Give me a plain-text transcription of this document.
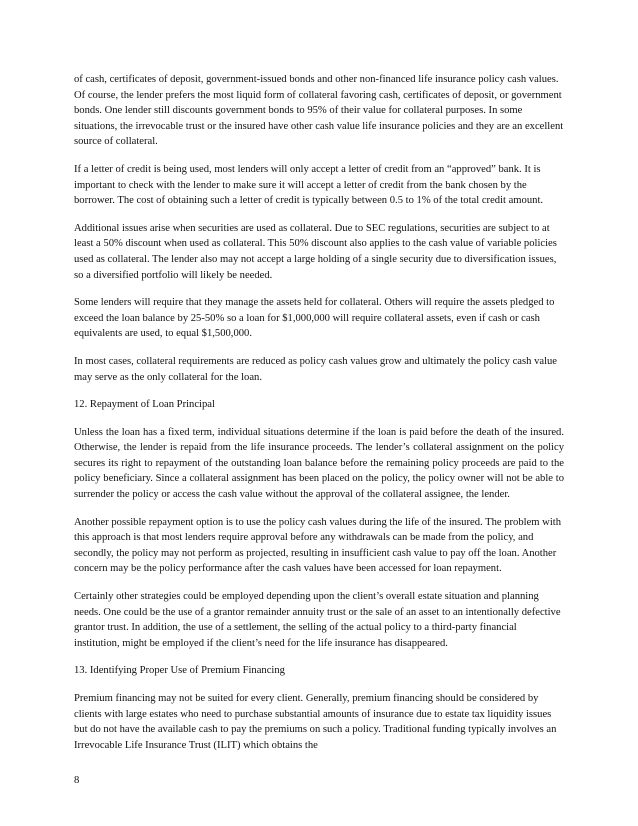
of cash, certificates of deposit, government-issued bonds and other non-financed life insurance policy cash values. Of course, the lender prefers the most liquid form of collateral favoring cash, certificates of deposit, or government bonds. One lender still discounts government bonds to 95% of their value for collateral purposes. In some situations, the irrevocable trust or the insured have other cash value life insurance policies and they are an excellent source of collateral.

If a letter of credit is being used, most lenders will only accept a letter of credit from an “approved” bank. It is important to check with the lender to make sure it will accept a letter of credit from the bank chosen by the borrower. The cost of obtaining such a letter of credit is typically between 0.5 to 1% of the total credit amount.

Additional issues arise when securities are used as collateral. Due to SEC regulations, securities are subject to at least a 50% discount when used as collateral. This 50% discount also applies to the cash value of variable policies used as collateral. The lender also may not accept a large holding of a single security due to diversification issues, so a diversified portfolio will likely be needed.

Some lenders will require that they manage the assets held for collateral. Others will require the assets pledged to exceed the loan balance by 25-50% so a loan for $1,000,000 will require collateral assets, even if cash or cash equivalents are used, to equal $1,500,000.

In most cases, collateral requirements are reduced as policy cash values grow and ultimately the policy cash value may serve as the only collateral for the loan.

12. Repayment of Loan Principal

Unless the loan has a fixed term, individual situations determine if the loan is paid before the death of the insured. Otherwise, the lender is repaid from the life insurance proceeds. The lender’s collateral assignment on the policy secures its right to repayment of the outstanding loan balance before the remaining policy proceeds are paid to the policy beneficiary. Since a collateral assignment has been placed on the policy, the policy owner will not be able to surrender the policy or access the cash value without the approval of the collateral assignee, the lender.

Another possible repayment option is to use the policy cash values during the life of the insured. The problem with this approach is that most lenders require approval before any withdrawals can be made from the policy, and secondly, the policy may not perform as projected, resulting in insufficient cash value to pay off the loan. Another concern may be the policy performance after the cash values have been accessed for loan repayment.

Certainly other strategies could be employed depending upon the client’s overall estate situation and planning needs. One could be the use of a grantor remainder annuity trust or the sale of an asset to an intentionally defective grantor trust. In addition, the use of a settlement, the selling of the actual policy to a third-party financial institution, might be employed if the client’s need for the life insurance has disappeared.

13. Identifying Proper Use of Premium Financing

Premium financing may not be suited for every client. Generally, premium financing should be considered by clients with large estates who need to purchase substantial amounts of insurance due to estate tax liquidity issues but do not have the available cash to pay the premiums on such a policy. Traditional funding typically involves an Irrevocable Life Insurance Trust (ILIT) which obtains the

8
